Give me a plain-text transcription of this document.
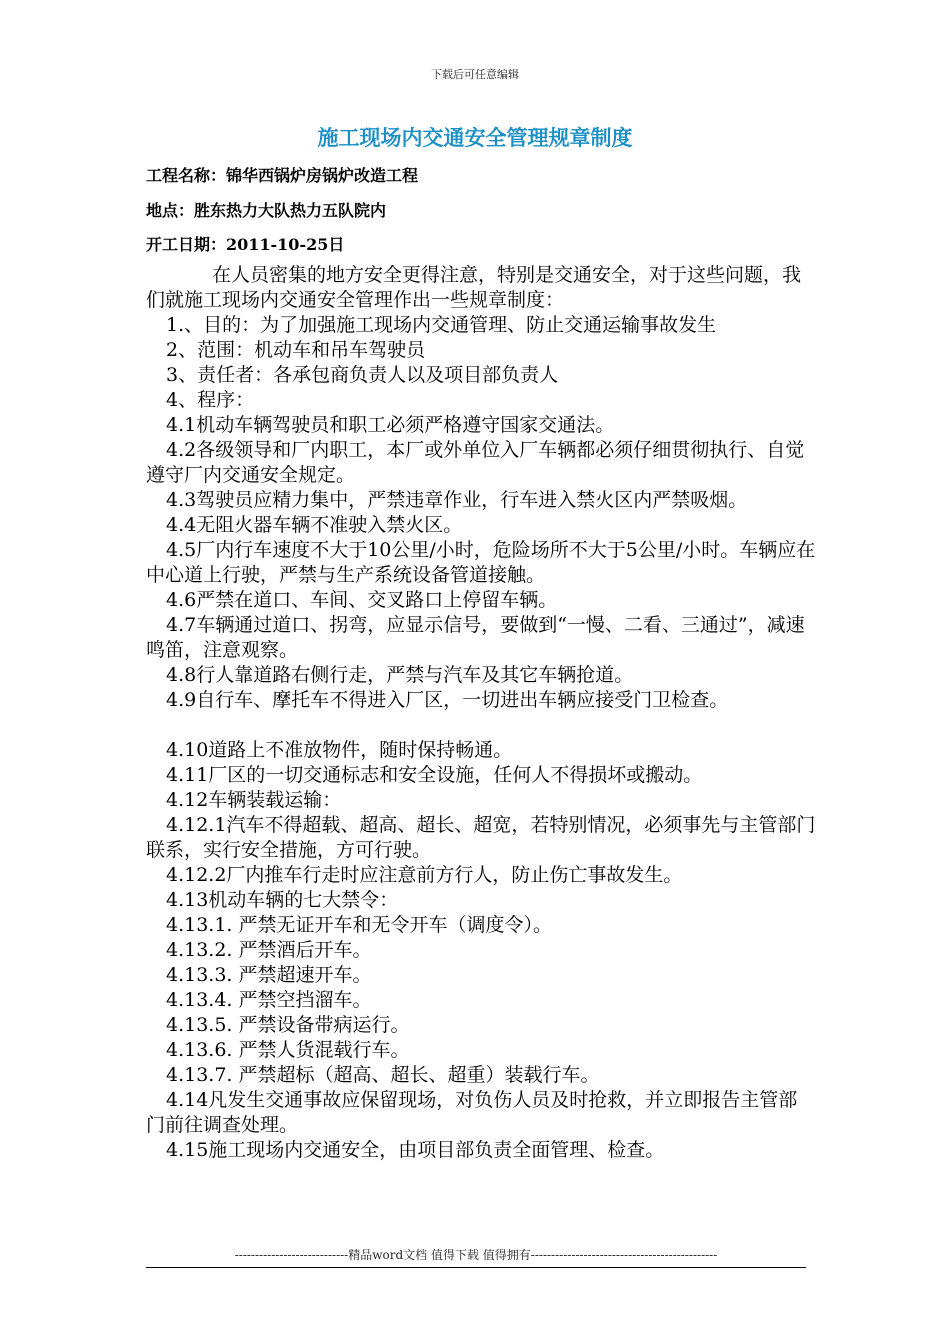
下载后可任意编辑
施工现场内交通安全管理规章制度
工程名称：锦华西锅炉房锅炉改造工程
地点：胜东热力大队热力五队院内
开工日期：2011-10-25日

在人员密集的地方安全更得注意，特别是交通安全，对于这些问题，我们就施工现场内交通安全管理作出一些规章制度：

1.、目的：为了加强施工现场内交通管理、防止交通运输事故发生

2、范围：机动车和吊车驾驶员

3、责任者：各承包商负责人以及项目部负责人

4、程序：

4.1机动车辆驾驶员和职工必须严格遵守国家交通法。

4.2各级领导和厂内职工，本厂或外单位入厂车辆都必须仔细贯彻执行、自觉遵守厂内交通安全规定。

4.3驾驶员应精力集中，严禁违章作业，行车进入禁火区内严禁吸烟。

4.4无阻火器车辆不准驶入禁火区。

4.5厂内行车速度不大于10公里/小时，危险场所不大于5公里/小时。车辆应在中心道上行驶，严禁与生产系统设备管道接触。

4.6严禁在道口、车间、交叉路口上停留车辆。

4.7车辆通过道口、拐弯，应显示信号，要做到“一慢、二看、三通过”，减速鸣笛，注意观察。

4.8行人靠道路右侧行走，严禁与汽车及其它车辆抢道。

4.9自行车、摩托车不得进入厂区，一切进出车辆应接受门卫检查。

4.10道路上不准放物件，随时保持畅通。

4.11厂区的一切交通标志和安全设施，任何人不得损坏或搬动。

4.12车辆装载运输：

4.12.1汽车不得超载、超高、超长、超宽，若特别情况，必须事先与主管部门联系，实行安全措施，方可行驶。

4.12.2厂内推车行走时应注意前方行人，防止伤亡事故发生。

4.13机动车辆的七大禁令：

4.13.1. 严禁无证开车和无令开车（调度令）。

4.13.2. 严禁酒后开车。

4.13.3. 严禁超速开车。

4.13.4. 严禁空挡溜车。

4.13.5. 严禁设备带病运行。

4.13.6. 严禁人货混载行车。

4.13.7. 严禁超标（超高、超长、超重）装载行车。

4.14凡发生交通事故应保留现场，对负伤人员及时抢救，并立即报告主管部门前往调查处理。

4.15施工现场内交通安全，由项目部负责全面管理、检查。

----------------------------精品word文档 值得下载 值得拥有----------------------------------------------
